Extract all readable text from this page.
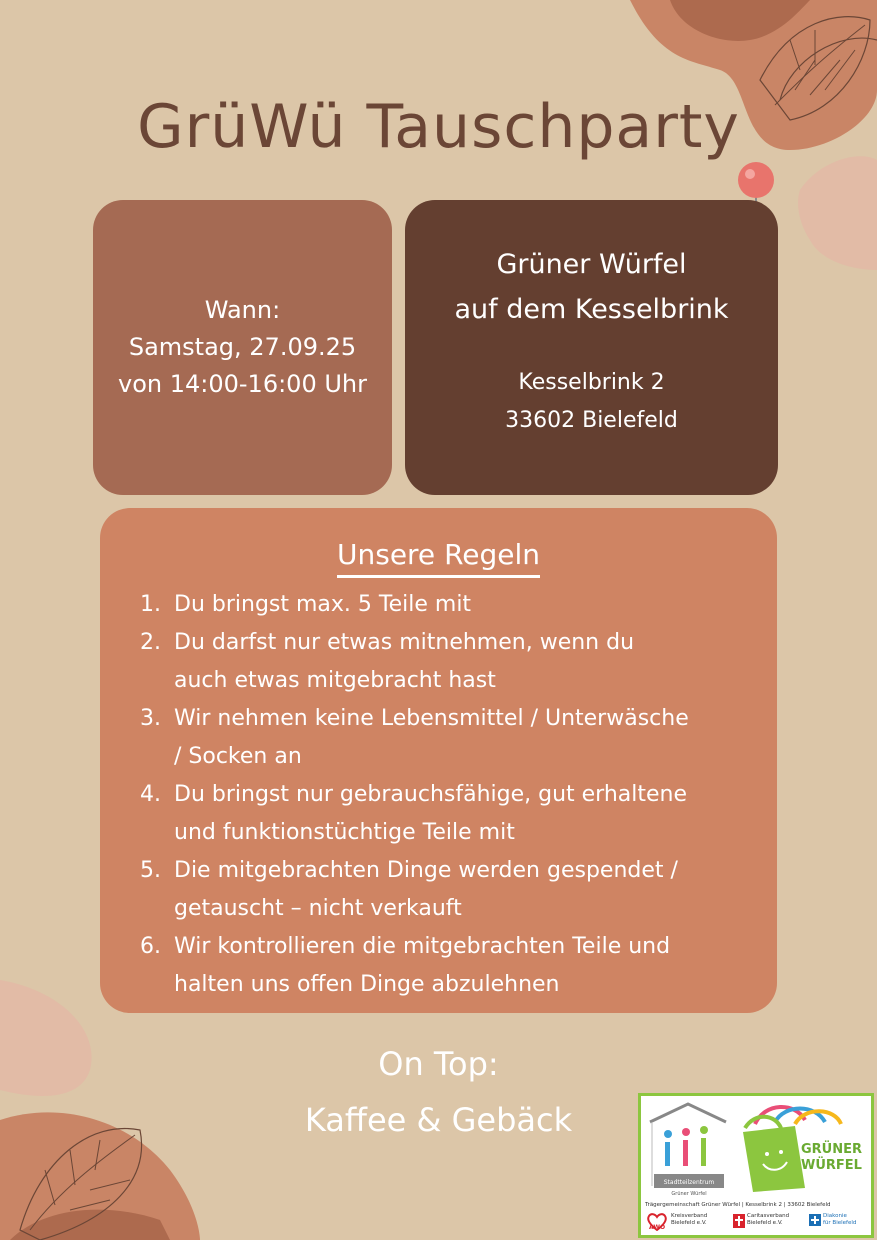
GrüWü Tauschparty
Wann:
Samstag, 27.09.25
von 14:00-16:00 Uhr
Grüner Würfel
auf dem Kesselbrink
Kesselbrink 2
33602 Bielefeld
Unsere Regeln
1. Du bringst max. 5 Teile mit
2. Du darfst nur etwas mitnehmen, wenn du
auch etwas mitgebracht hast
3. Wir nehmen keine Lebensmittel / Unterwäsche
/ Socken an
4. Du bringst nur gebrauchsfähige, gut erhaltene
und funktionstüchtige Teile mit
5. Die mitgebrachten Dinge werden gespendet /
getauscht – nicht verkauft
6. Wir kontrollieren die mitgebrachten Teile und
halten uns offen Dinge abzulehnen
On Top:
Kaffee & Gebäck
Stadtteilzentrum
Grüner Würfel
GRÜNER
WÜRFEL
Trägergemeinschaft Grüner Würfel | Kesselbrink 2 | 33602 Bielefeld
AWO
Kreisverband
Bielefeld e.V.
Caritasverband
Bielefeld e.V.
Diakonie
für Bielefeld
